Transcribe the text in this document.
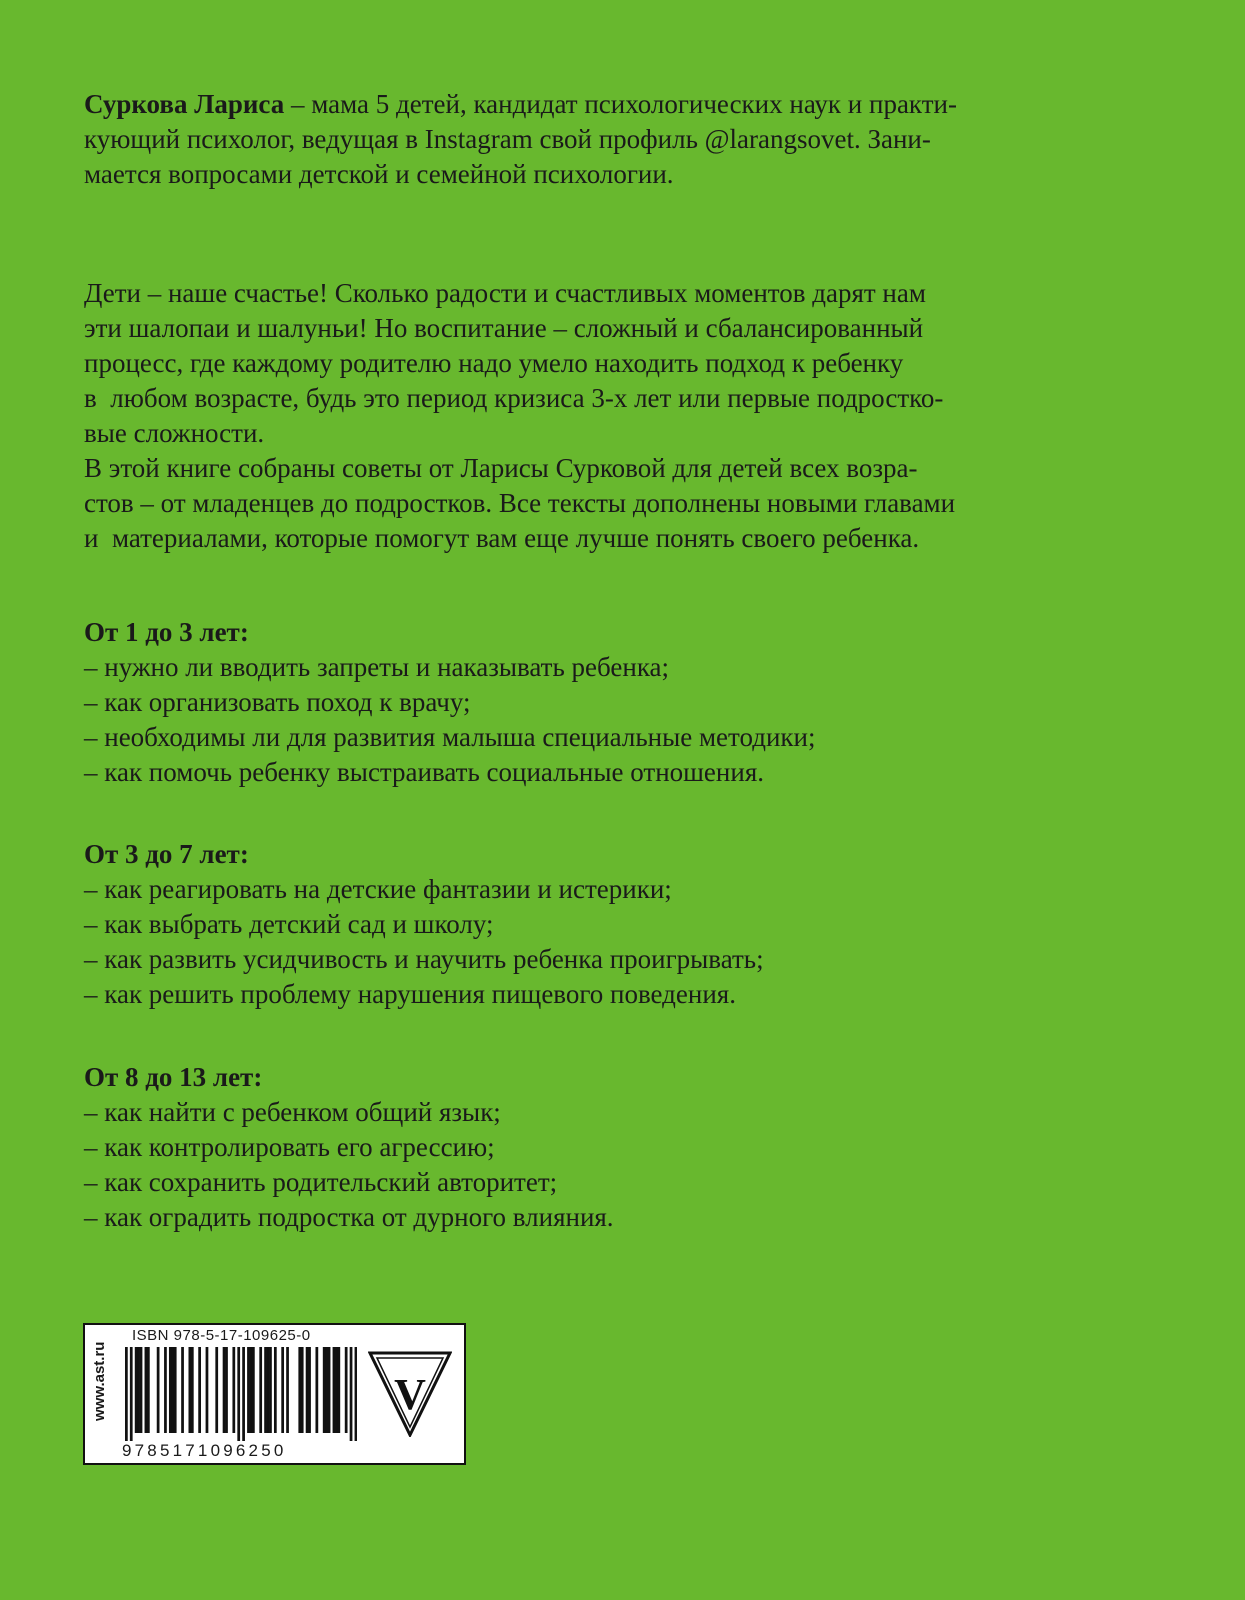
Суркова Лариса – мама 5 детей, кандидат психологических наук и практи-
кующий психолог, ведущая в Instagram свой профиль @larangsovet. Зани-
мается вопросами детской и семейной психологии.
Дети – наше счастье! Сколько радости и счастливых моментов дарят нам
эти шалопаи и шалуньи! Но воспитание – сложный и сбалансированный
процесс, где каждому родителю надо умело находить подход к ребенку
в  любом возрасте, будь это период кризиса 3-х лет или первые подростко-
вые сложности.
В этой книге собраны советы от Ларисы Сурковой для детей всех возра-
стов – от младенцев до подростков. Все тексты дополнены новыми главами
и  материалами, которые помогут вам еще лучше понять своего ребенка.
От 1 до 3 лет:
– нужно ли вводить запреты и наказывать ребенка;
– как организовать поход к врачу;
– необходимы ли для развития малыша специальные методики;
– как помочь ребенку выстраивать социальные отношения.
От 3 до 7 лет:
– как реагировать на детские фантазии и истерики;
– как выбрать детский сад и школу;
– как развить усидчивость и научить ребенка проигрывать;
– как решить проблему нарушения пищевого поведения.
От 8 до 13 лет:
– как найти с ребенком общий язык;
– как контролировать его агрессию;
– как сохранить родительский авторитет;
– как оградить подростка от дурного влияния.
www.ast.ru
ISBN 978-5-17-109625-0
9785171096250
V
